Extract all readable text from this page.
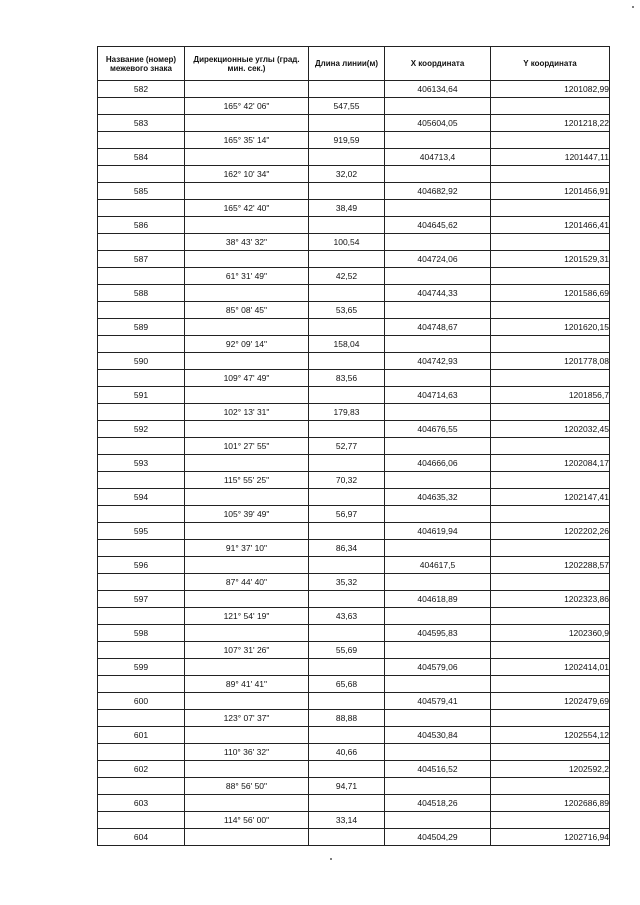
Название (номер) межевого знака	Дирекционные углы (град. мин. сек.)	Длина линии(м)	X координата	Y координата
582			406134,64	1201082,99
	165° 42' 06"	547,55		
583			405604,05	1201218,22
	165° 35' 14"	919,59		
584			404713,4	1201447,11
	162° 10' 34"	32,02		
585			404682,92	1201456,91
	165° 42' 40"	38,49		
586			404645,62	1201466,41
	38° 43' 32"	100,54		
587			404724,06	1201529,31
	61° 31' 49"	42,52		
588			404744,33	1201586,69
	85° 08' 45"	53,65		
589			404748,67	1201620,15
	92° 09' 14"	158,04		
590			404742,93	1201778,08
	109° 47' 49"	83,56		
591			404714,63	1201856,7
	102° 13' 31"	179,83		
592			404676,55	1202032,45
	101° 27' 55"	52,77		
593			404666,06	1202084,17
	115° 55' 25"	70,32		
594			404635,32	1202147,41
	105° 39' 49"	56,97		
595			404619,94	1202202,26
	91° 37' 10"	86,34		
596			404617,5	1202288,57
	87° 44' 40"	35,32		
597			404618,89	1202323,86
	121° 54' 19"	43,63		
598			404595,83	1202360,9
	107° 31' 26"	55,69		
599			404579,06	1202414,01
	89° 41' 41"	65,68		
600			404579,41	1202479,69
	123° 07' 37"	88,88		
601			404530,84	1202554,12
	110° 36' 32"	40,66		
602			404516,52	1202592,2
	88° 56' 50"	94,71		
603			404518,26	1202686,89
	114° 56' 00"	33,14		
604			404504,29	1202716,94
